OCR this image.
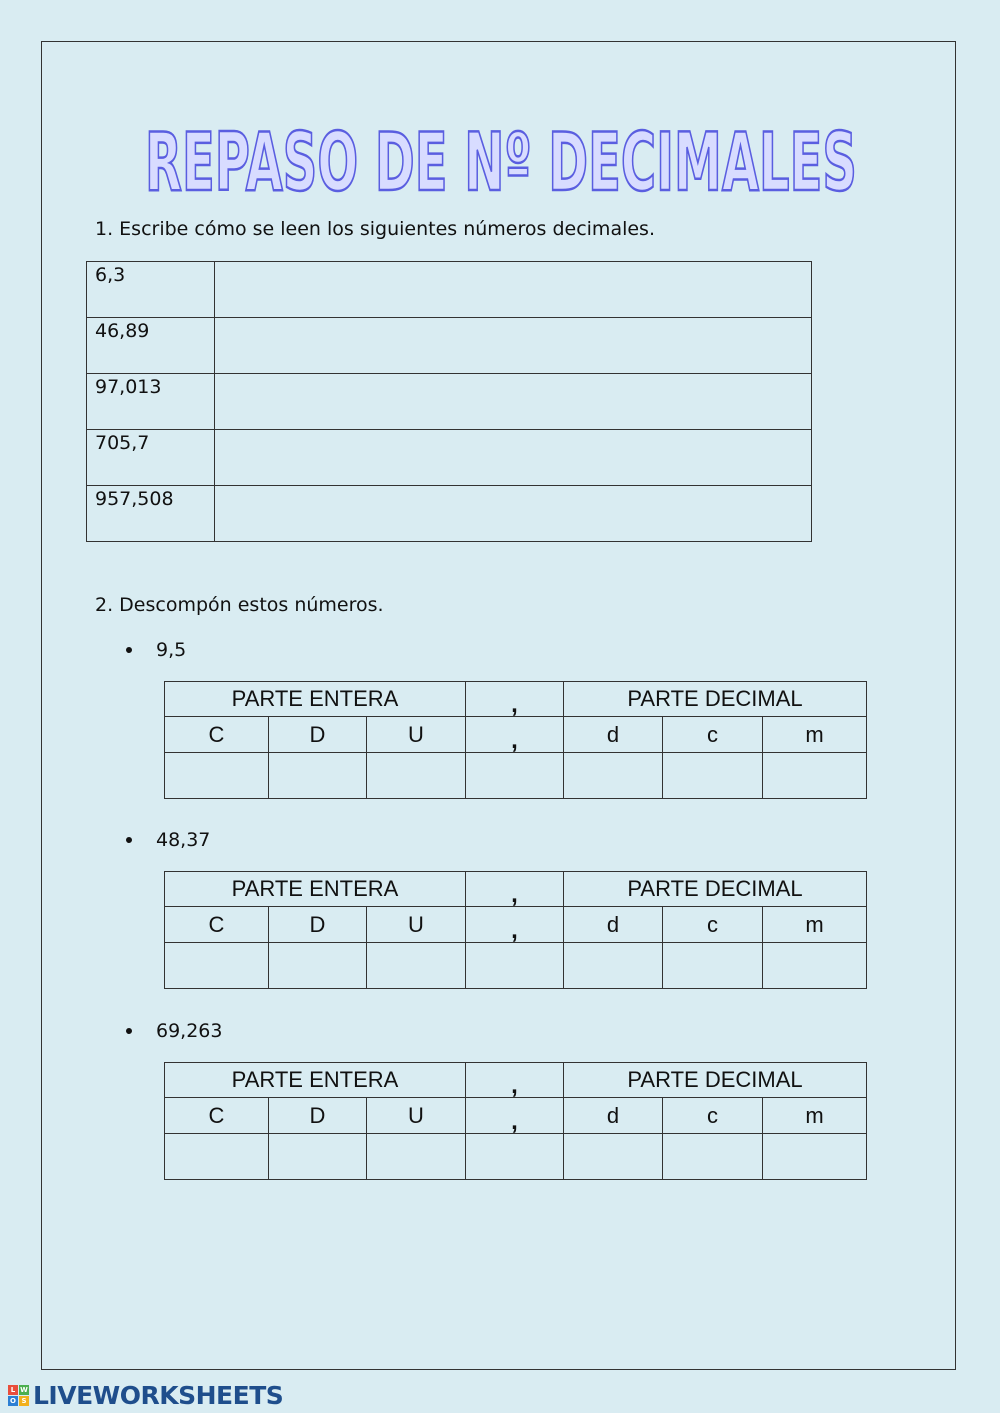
REPASO DE Nº DECIMALES
1. Escribe cómo se leen los siguientes números decimales.
6,3	
46,89	
97,013	
705,7	
957,508	
2. Descompón estos números.
9,5
PARTE ENTERA			,	PARTE DECIMAL		
C	D	U	,	d	c	m

48,37
PARTE ENTERA			,	PARTE DECIMAL		
C	D	U	,	d	c	m

69,263
PARTE ENTERA			,	PARTE DECIMAL		
C	D	U	,	d	c	m

L W
O S LIVEWORKSHEETS
